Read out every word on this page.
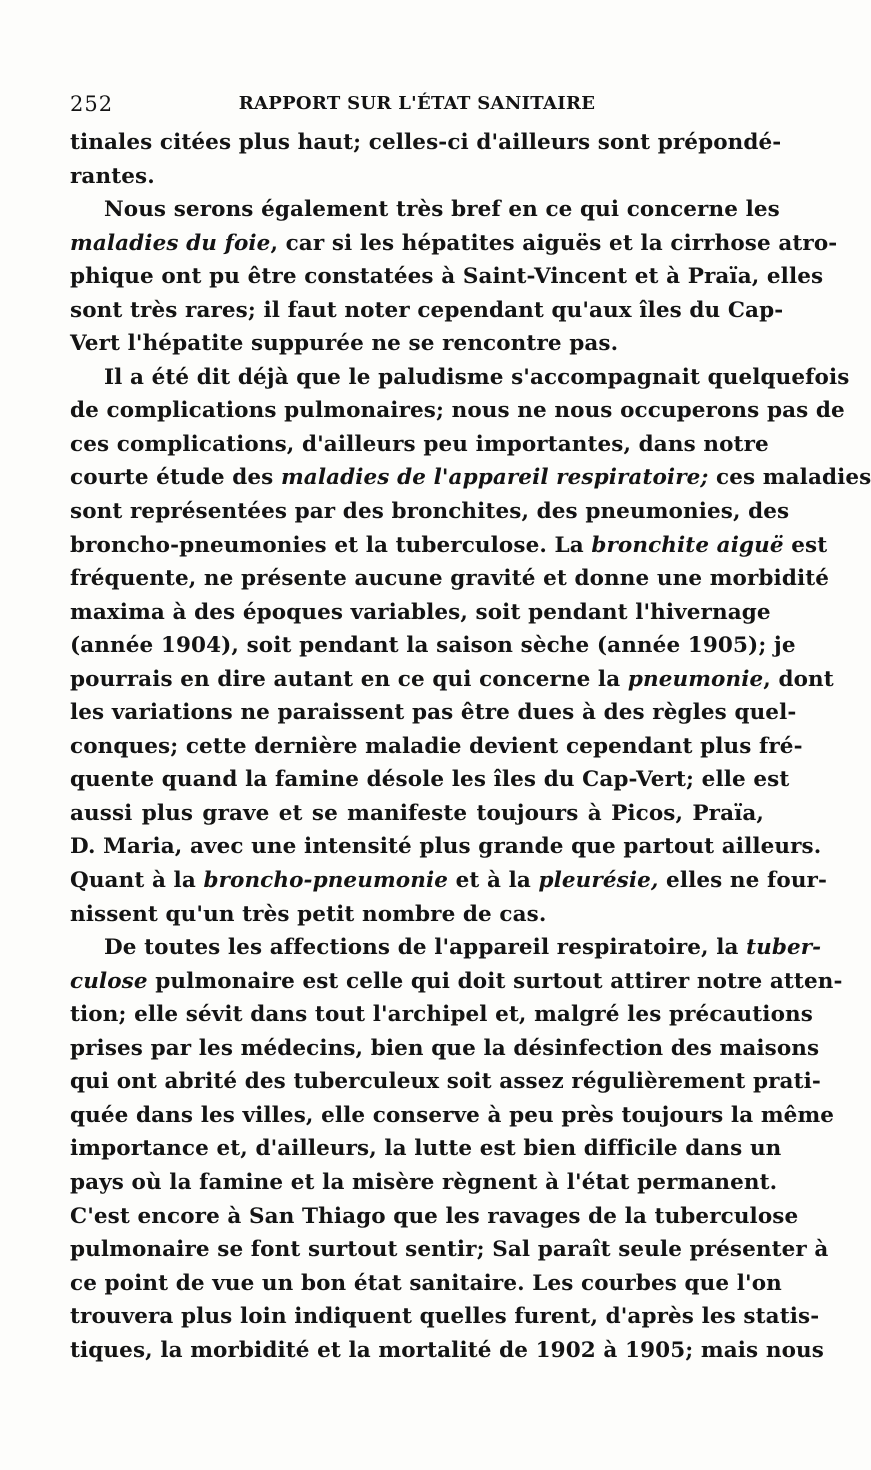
252	RAPPORT SUR L'ÉTAT SANITAIRE
tinales citées plus haut; celles-ci d'ailleurs sont prépondé-
rantes.
Nous serons également très bref en ce qui concerne les
maladies du foie, car si les hépatites aiguës et la cirrhose atro-
phique ont pu être constatées à Saint-Vincent et à Praïa, elles
sont très rares; il faut noter cependant qu'aux îles du Cap-
Vert l'hépatite suppurée ne se rencontre pas.
Il a été dit déjà que le paludisme s'accompagnait quelquefois
de complications pulmonaires; nous ne nous occuperons pas de
ces complications, d'ailleurs peu importantes, dans notre
courte étude des maladies de l'appareil respiratoire; ces maladies
sont représentées par des bronchites, des pneumonies, des
broncho-pneumonies et la tuberculose. La bronchite aiguë est
fréquente, ne présente aucune gravité et donne une morbidité
maxima à des époques variables, soit pendant l'hivernage
(année 1904), soit pendant la saison sèche (année 1905); je
pourrais en dire autant en ce qui concerne la pneumonie, dont
les variations ne paraissent pas être dues à des règles quel-
conques; cette dernière maladie devient cependant plus fré-
quente quand la famine désole les îles du Cap-Vert; elle est
aussi plus grave et se manifeste toujours à Picos, Praïa,
D. Maria, avec une intensité plus grande que partout ailleurs.
Quant à la broncho-pneumonie et à la pleurésie, elles ne four-
nissent qu'un très petit nombre de cas.
De toutes les affections de l'appareil respiratoire, la tuber-
culose pulmonaire est celle qui doit surtout attirer notre atten-
tion; elle sévit dans tout l'archipel et, malgré les précautions
prises par les médecins, bien que la désinfection des maisons
qui ont abrité des tuberculeux soit assez régulièrement prati-
quée dans les villes, elle conserve à peu près toujours la même
importance et, d'ailleurs, la lutte est bien difficile dans un
pays où la famine et la misère règnent à l'état permanent.
C'est encore à San Thiago que les ravages de la tuberculose
pulmonaire se font surtout sentir; Sal paraît seule présenter à
ce point de vue un bon état sanitaire. Les courbes que l'on
trouvera plus loin indiquent quelles furent, d'après les statis-
tiques, la morbidité et la mortalité de 1902 à 1905; mais nous
